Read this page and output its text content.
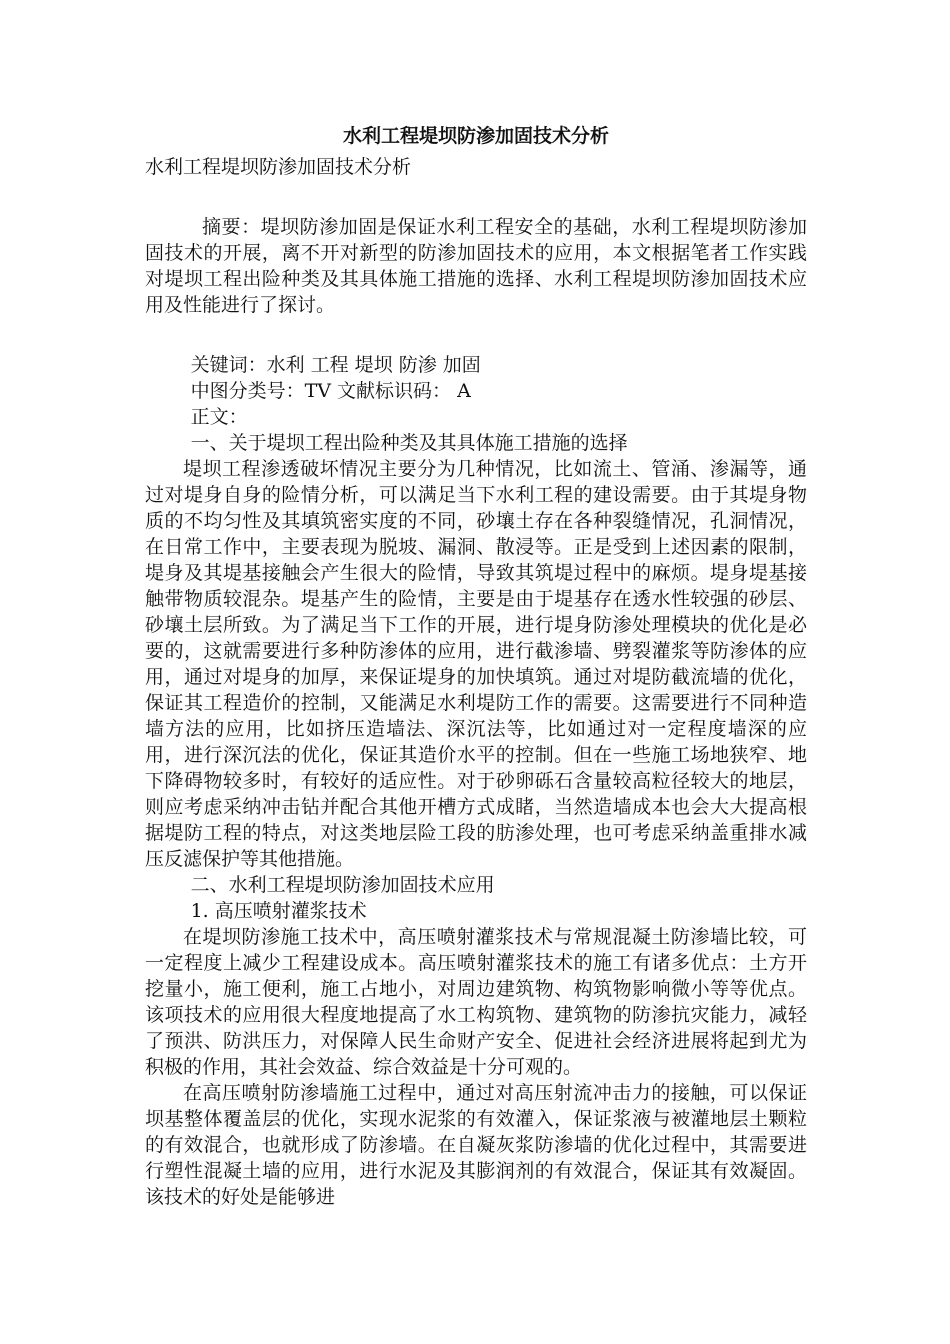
水利工程堤坝防渗加固技术分析

水利工程堤坝防渗加固技术分析

摘要：堤坝防渗加固是保证水利工程安全的基础，水利工程堤坝防渗加固技术的开展，离不开对新型的防渗加固技术的应用，本文根据笔者工作实践对堤坝工程出险种类及其具体施工措施的选择、水利工程堤坝防渗加固技术应用及性能进行了探讨。

关键词：水利 工程 堤坝 防渗 加固

中图分类号：TV 文献标识码： A

正文：

一、关于堤坝工程出险种类及其具体施工措施的选择

堤坝工程渗透破坏情况主要分为几种情况，比如流土、管涌、渗漏等，通过对堤身自身的险情分析，可以满足当下水利工程的建设需要。由于其堤身物质的不均匀性及其填筑密实度的不同，砂壤土存在各种裂缝情况，孔洞情况，在日常工作中，主要表现为脱坡、漏洞、散浸等。正是受到上述因素的限制，堤身及其堤基接触会产生很大的险情，导致其筑堤过程中的麻烦。堤身堤基接触带物质较混杂。堤基产生的险情，主要是由于堤基存在透水性较强的砂层、砂壤土层所致。为了满足当下工作的开展，进行堤身防渗处理模块的优化是必要的，这就需要进行多种防渗体的应用，进行截渗墙、劈裂灌浆等防渗体的应用，通过对堤身的加厚，来保证堤身的加快填筑。通过对堤防截流墙的优化，保证其工程造价的控制，又能满足水利堤防工作的需要。这需要进行不同种造墙方法的应用，比如挤压造墙法、深沉法等，比如通过对一定程度墙深的应用，进行深沉法的优化，保证其造价水平的控制。但在一些施工场地狭窄、地下降碍物较多时，有较好的适应性。对于砂卵砾石含量较高粒径较大的地层，则应考虑采纳冲击钻并配合其他开槽方式成睹，当然造墙成本也会大大提高根据堤防工程的特点，对这类地层险工段的肪渗处理，也可考虑采纳盖重排水减压反滤保护等其他措施。

二、水利工程堤坝防渗加固技术应用

1. 高压喷射灌浆技术

在堤坝防渗施工技术中，高压喷射灌浆技术与常规混凝土防渗墙比较，可一定程度上减少工程建设成本。高压喷射灌浆技术的施工有诸多优点：土方开挖量小，施工便利，施工占地小，对周边建筑物、构筑物影响微小等等优点。该项技术的应用很大程度地提高了水工构筑物、建筑物的防渗抗灾能力，减轻了预洪、防洪压力，对保障人民生命财产安全、促进社会经济进展将起到尤为积极的作用，其社会效益、综合效益是十分可观的。

在高压喷射防渗墙施工过程中，通过对高压射流冲击力的接触，可以保证坝基整体覆盖层的优化，实现水泥浆的有效灌入，保证浆液与被灌地层土颗粒的有效混合，也就形成了防渗墙。在自凝灰浆防渗墙的优化过程中，其需要进行塑性混凝土墙的应用，进行水泥及其膨润剂的有效混合，保证其有效凝固。该技术的好处是能够进
